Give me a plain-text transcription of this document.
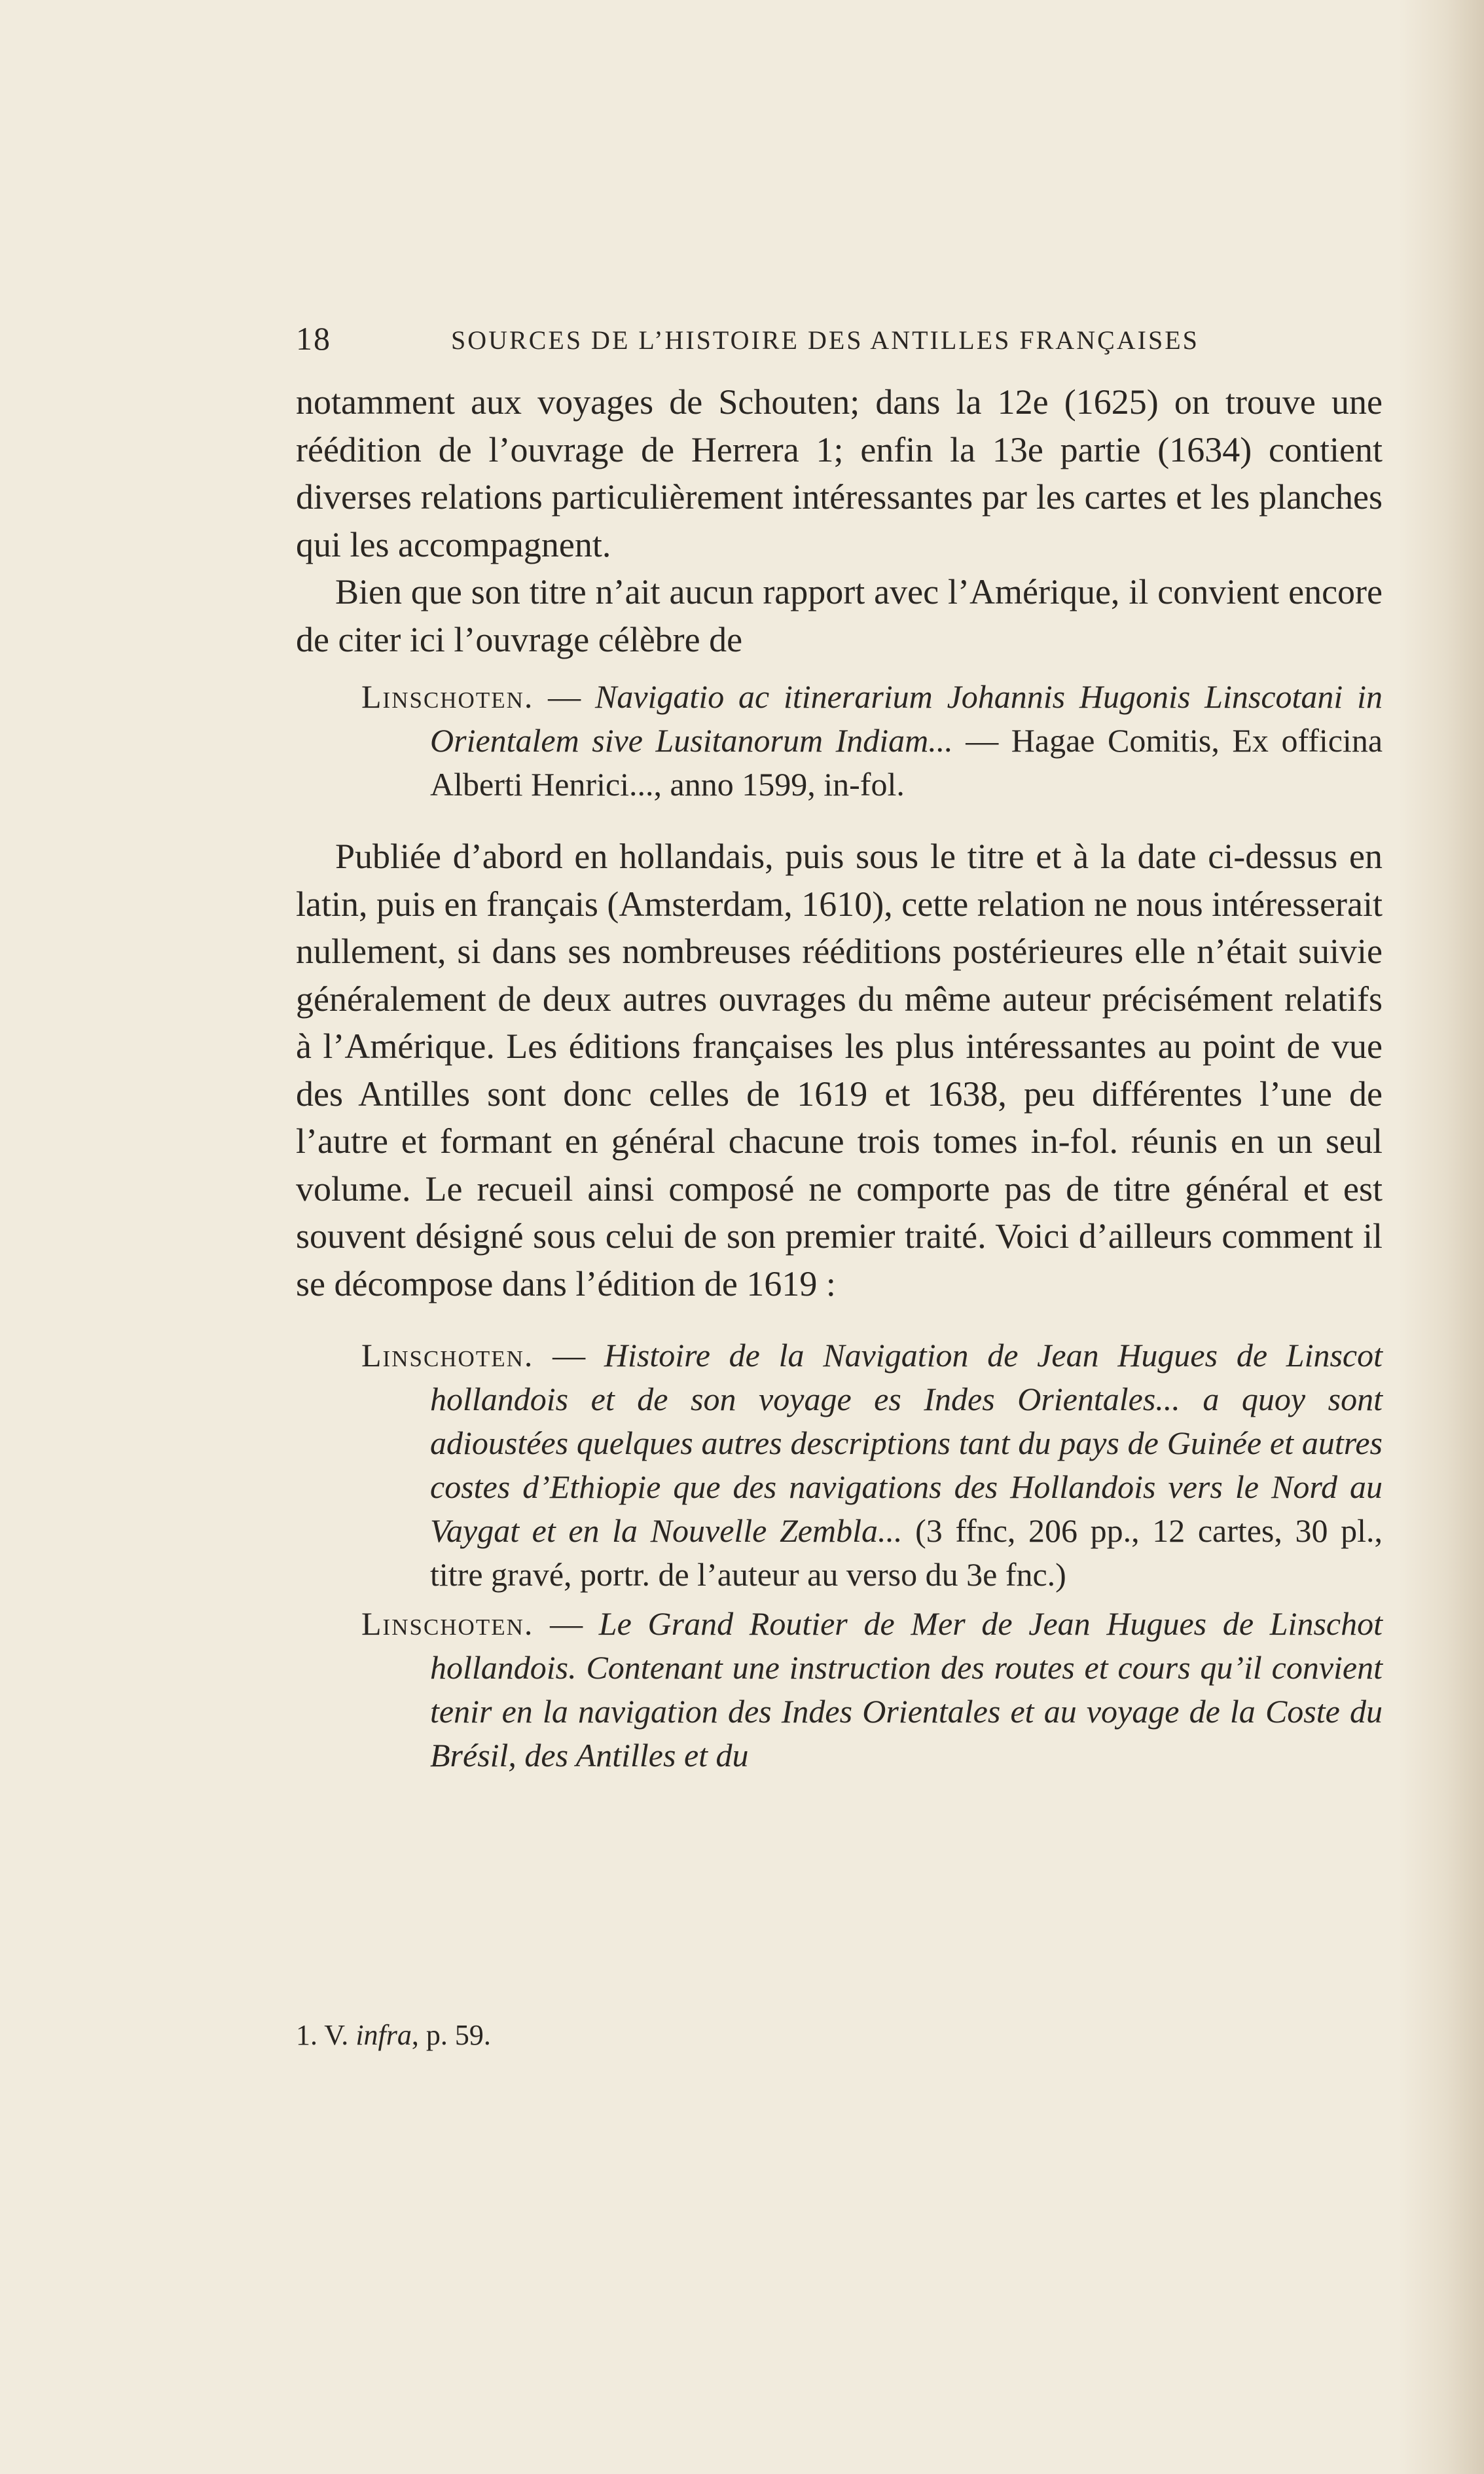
18	SOURCES DE L’HISTOIRE DES ANTILLES FRANÇAISES

notamment aux voyages de Schouten; dans la 12e (1625) on trouve une réédition de l’ouvrage de Herrera 1; enfin la 13e partie (1634) contient diverses relations particulièrement intéressantes par les cartes et les planches qui les accompagnent.

Bien que son titre n’ait aucun rapport avec l’Amérique, il convient encore de citer ici l’ouvrage célèbre de

Linschoten. — Navigatio ac itinerarium Johannis Hugonis Linscotani in Orientalem sive Lusitanorum Indiam... — Hagae Comitis, Ex officina Alberti Henrici..., anno 1599, in-fol.
Publiée d’abord en hollandais, puis sous le titre et à la date ci-dessus en latin, puis en français (Amsterdam, 1610), cette relation ne nous intéresserait nullement, si dans ses nombreuses rééditions postérieures elle n’était suivie généralement de deux autres ouvrages du même auteur précisément relatifs à l’Amérique. Les éditions françaises les plus intéressantes au point de vue des Antilles sont donc celles de 1619 et 1638, peu différentes l’une de l’autre et formant en général chacune trois tomes in-fol. réunis en un seul volume. Le recueil ainsi composé ne comporte pas de titre général et est souvent désigné sous celui de son premier traité. Voici d’ailleurs comment il se décompose dans l’édition de 1619 :
Linschoten. — Histoire de la Navigation de Jean Hugues de Linscot hollandois et de son voyage es Indes Orientales... a quoy sont adioustées quelques autres descriptions tant du pays de Guinée et autres costes d’Ethiopie que des navigations des Hollandois vers le Nord au Vaygat et en la Nouvelle Zembla... (3 ffnc, 206 pp., 12 cartes, 30 pl., titre gravé, portr. de l’auteur au verso du 3e fnc.)
Linschoten. — Le Grand Routier de Mer de Jean Hugues de Linschot hollandois. Contenant une instruction des routes et cours qu’il convient tenir en la navigation des Indes Orientales et au voyage de la Coste du Brésil, des Antilles et du
1. V. infra, p. 59.
